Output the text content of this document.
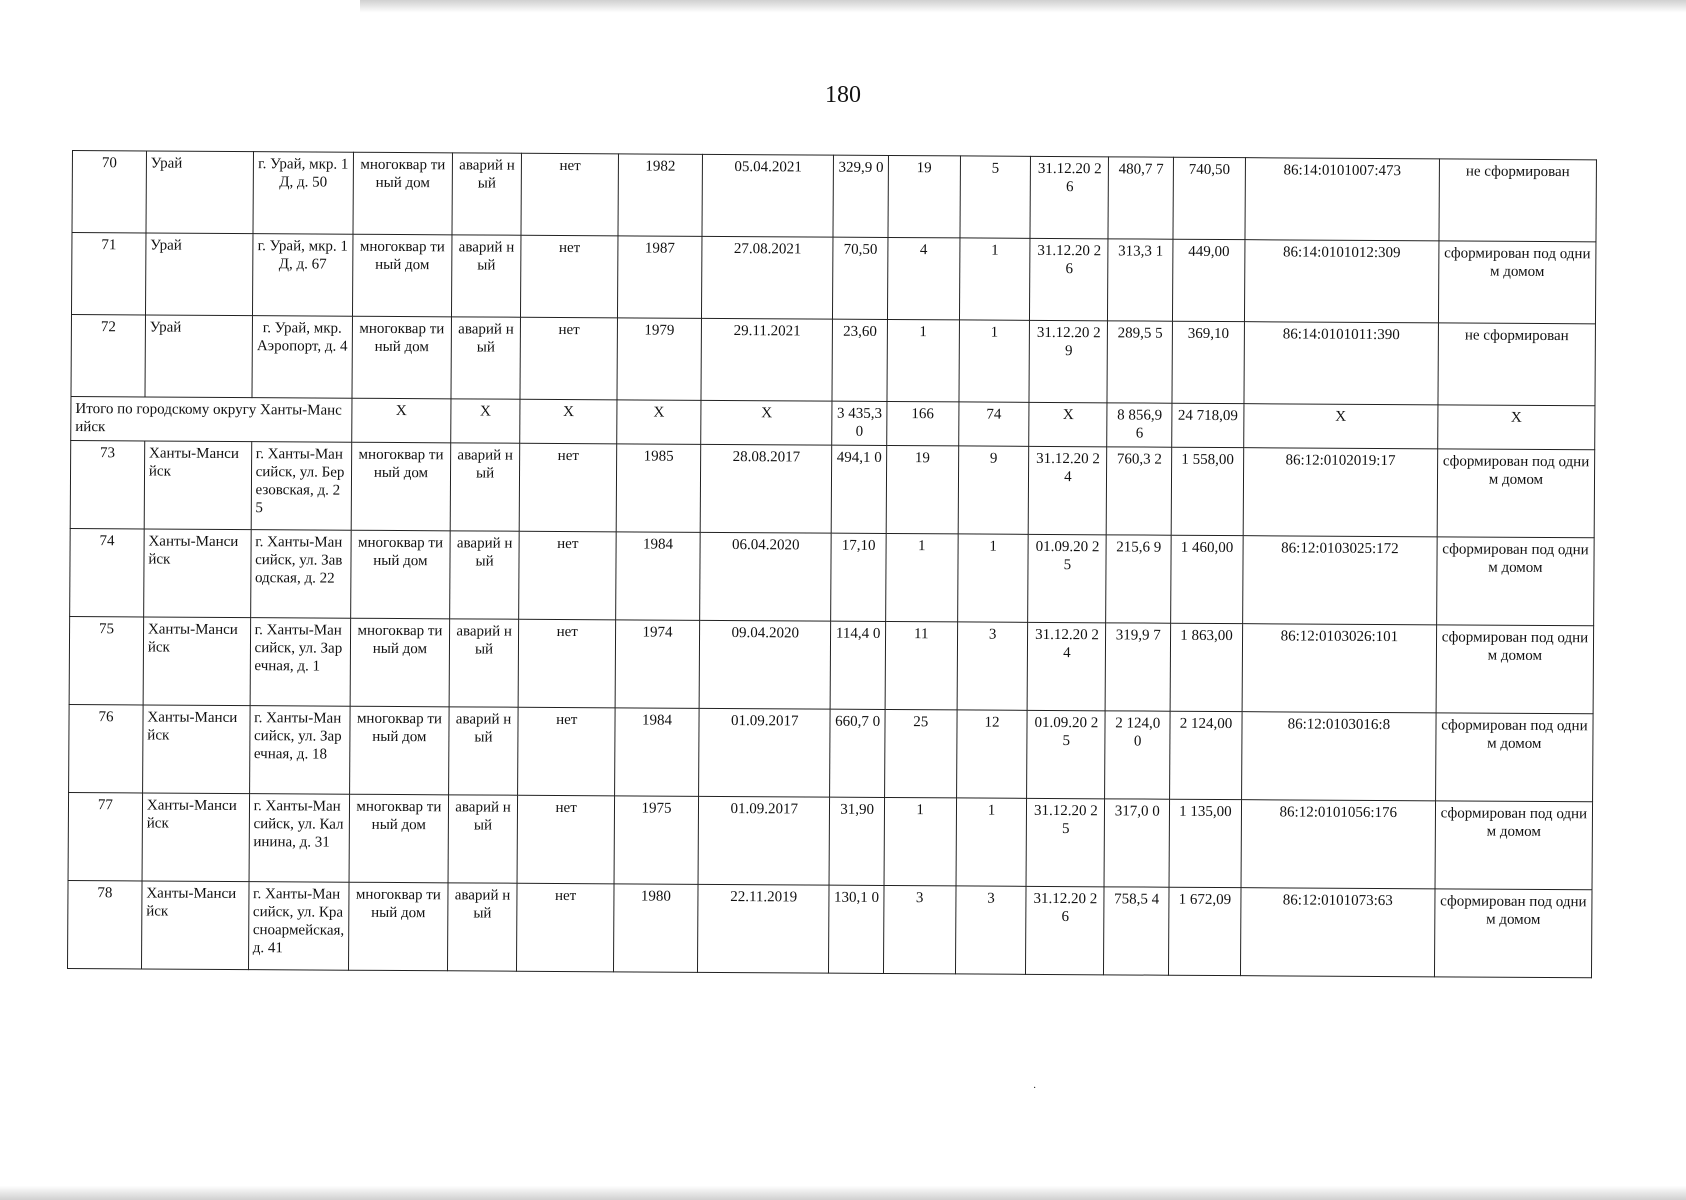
180
70	Урай	г. Урай, мкр. 1Д, д. 50	многоквар тиный дом	аварий ный	нет	1982	05.04.2021	329,9 0	19	5	31.12.20 26	480,7 7	740,50	86:14:0101007:473	не сформирован
71	Урай	г. Урай, мкр. 1Д, д. 67	многоквар тиный дом	аварий ный	нет	1987	27.08.2021	70,50	4	1	31.12.20 26	313,3 1	449,00	86:14:0101012:309	сформирован под одним домом
72	Урай	г. Урай, мкр. Аэропорт, д. 4	многоквар тиный дом	аварий ный	нет	1979	29.11.2021	23,60	1	1	31.12.20 29	289,5 5	369,10	86:14:0101011:390	не сформирован
Итого по городскому округу Ханты-Мансийск			X	X	X	X	X	3 435,3 0	166	74	X	8 856,9 6	24 718,09	X	X
73	Ханты-Мансийск	г. Ханты-Мансийск, ул. Березовская, д. 25	многоквар тиный дом	аварий ный	нет	1985	28.08.2017	494,1 0	19	9	31.12.20 24	760,3 2	1 558,00	86:12:0102019:17	сформирован под одним домом
74	Ханты-Мансийск	г. Ханты-Мансийск, ул. Заводская, д. 22	многоквар тиный дом	аварий ный	нет	1984	06.04.2020	17,10	1	1	01.09.20 25	215,6 9	1 460,00	86:12:0103025:172	сформирован под одним домом
75	Ханты-Мансийск	г. Ханты-Мансийск, ул. Заречная, д. 1	многоквар тиный дом	аварий ный	нет	1974	09.04.2020	114,4 0	11	3	31.12.20 24	319,9 7	1 863,00	86:12:0103026:101	сформирован под одним домом
76	Ханты-Мансийск	г. Ханты-Мансийск, ул. Заречная, д. 18	многоквар тиный дом	аварий ный	нет	1984	01.09.2017	660,7 0	25	12	01.09.20 25	2 124,0 0	2 124,00	86:12:0103016:8	сформирован под одним домом
77	Ханты-Мансийск	г. Ханты-Мансийск, ул. Калинина, д. 31	многоквар тиный дом	аварий ный	нет	1975	01.09.2017	31,90	1	1	31.12.20 25	317,0 0	1 135,00	86:12:0101056:176	сформирован под одним домом
78	Ханты-Мансийск	г. Ханты-Мансийск, ул. Красноармейская, д. 41	многоквар тиный дом	аварий ный	нет	1980	22.11.2019	130,1 0	3	3	31.12.20 26	758,5 4	1 672,09	86:12:0101073:63	сформирован под одним домом
·
